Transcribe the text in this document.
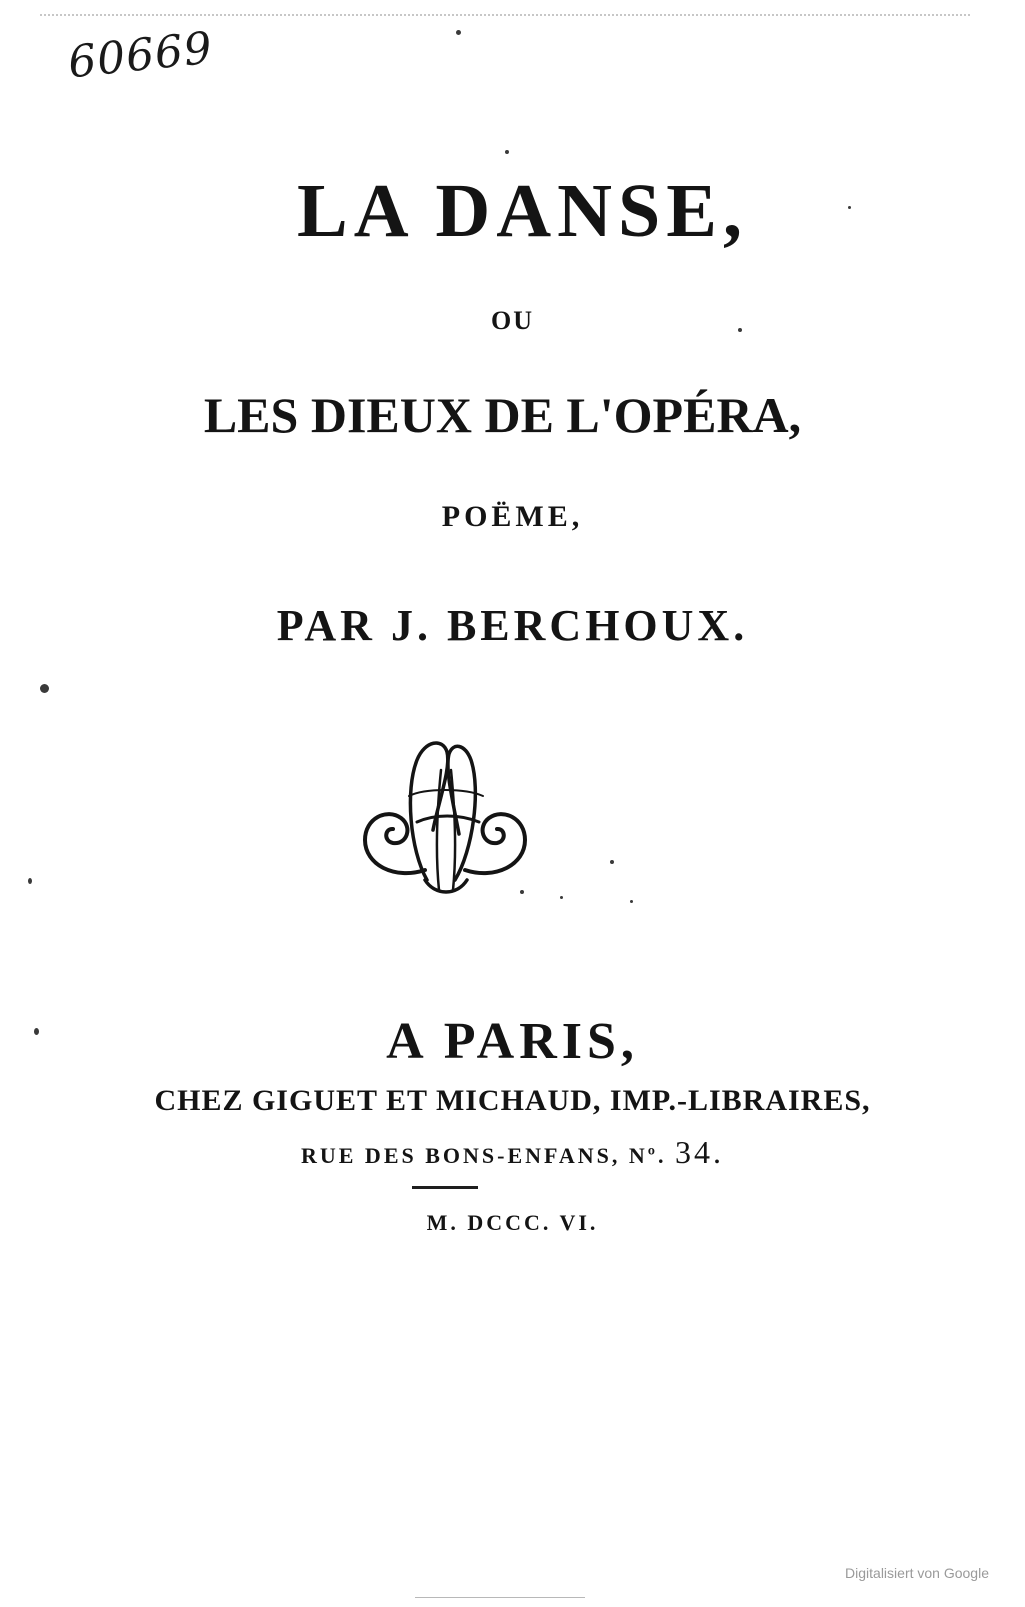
60669
LA DANSE,
OU
LES DIEUX DE L'OPÉRA,
POËME,
PAR J. BERCHOUX.
A PARIS,
CHEZ GIGUET ET MICHAUD, IMP.-LIBRAIRES,
RUE DES BONS-ENFANS, Nº. 34.
M. DCCC. VI.
Digitalisiert von Google
